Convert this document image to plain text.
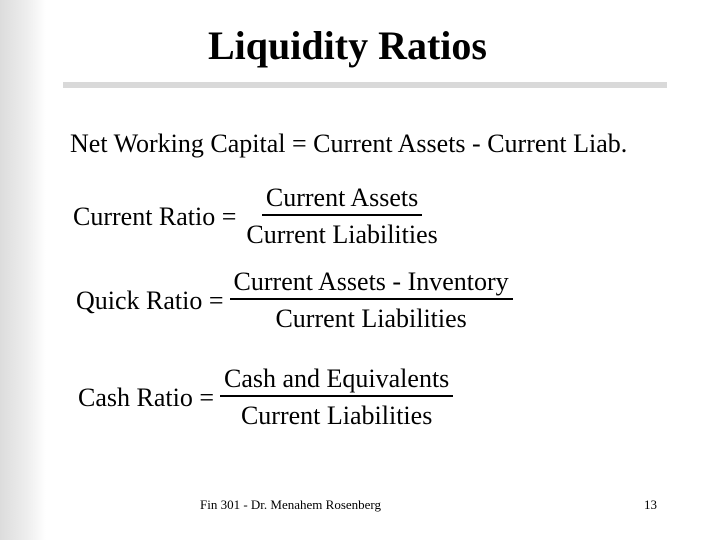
Liquidity Ratios
Net Working Capital = Current Assets - Current Liab.
Current Ratio = $\frac{\text{Current Assets}}{\text{Current Liabilities}}$
Quick Ratio = $\frac{\text{Current Assets - Inventory}}{\text{Current Liabilities}}$
Cash Ratio = $\frac{\text{Cash and Equivalents}}{\text{Current Liabilities}}$
Fin 301 - Dr. Menahem Rosenberg	13
